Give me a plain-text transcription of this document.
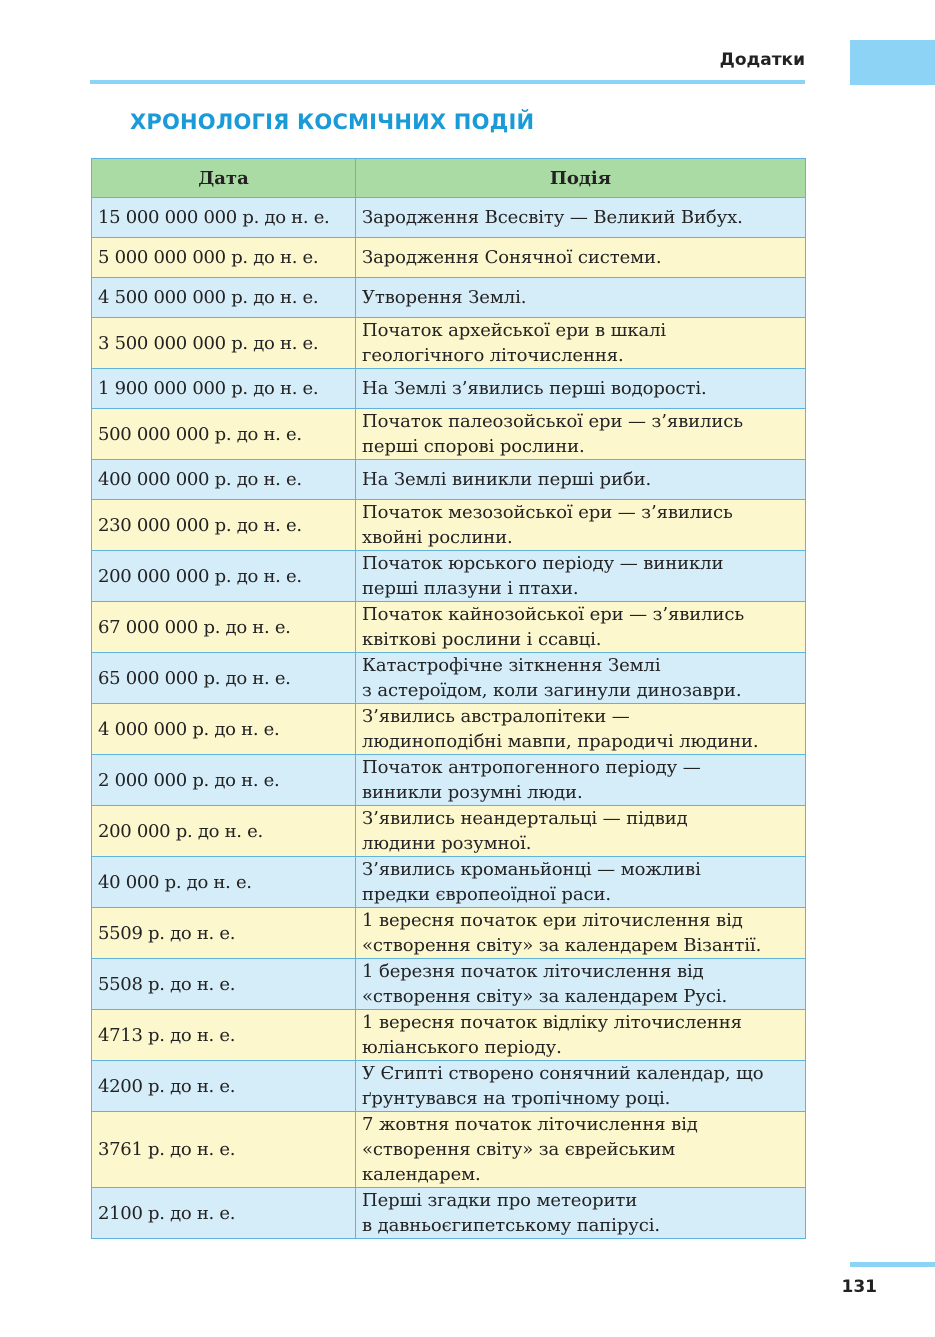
Додатки
ХРОНОЛОГІЯ КОСМІЧНИХ ПОДІЙ
Дата	Подія
15 000 000 000 р. до н. е.	Зародження Всесвіту — Великий Вибух.

5 000 000 000 р. до н. е.	Зародження Сонячної системи.

4 500 000 000 р. до н. е.	Утворення Землі.

3 500 000 000 р. до н. е.	Початок архейської ери в шкалі
геологічного літочислення.

1 900 000 000 р. до н. е.	На Землі з’явились перші водорості.

500 000 000 р. до н. е.	Початок палеозойської ери — з’явились
перші спорові рослини.

400 000 000 р. до н. е.	На Землі виникли перші риби.

230 000 000 р. до н. е.	Початок мезозойської ери — з’явились
хвойні рослини.

200 000 000 р. до н. е.	Початок юрського періоду — виникли
перші плазуни і птахи.

67 000 000 р. до н. е.	Початок кайнозойської ери — з’явились
квіткові рослини і ссавці.

65 000 000 р. до н. е.	Катастрофічне зіткнення Землі
з астероїдом, коли загинули динозаври.

4 000 000 р. до н. е.	З’явились австралопітеки —
людиноподібні мавпи, прародичі людини.

2 000 000 р. до н. е.	Початок антропогенного періоду —
виникли розумні люди.

200 000 р. до н. е.	З’явились неандертальці — підвид
людини розумної.

40 000 р. до н. е.	З’явились кроманьйонці — можливі
предки європеоїдної раси.

5509 р. до н. е.	1 вересня початок ери літочислення від
«створення світу» за календарем Візантії.

5508 р. до н. е.	1 березня початок літочислення від
«створення світу» за календарем Русі.

4713 р. до н. е.	1 вересня початок відліку літочислення
юліанського періоду.

4200 р. до н. е.	У Єгипті створено сонячний календар, що
ґрунтувався на тропічному році.

3761 р. до н. е.	7 жовтня початок літочислення від
«створення світу» за єврейським
календарем.

2100 р. до н. е.	Перші згадки про метеорити
в давньоєгипетському папірусі.
131
